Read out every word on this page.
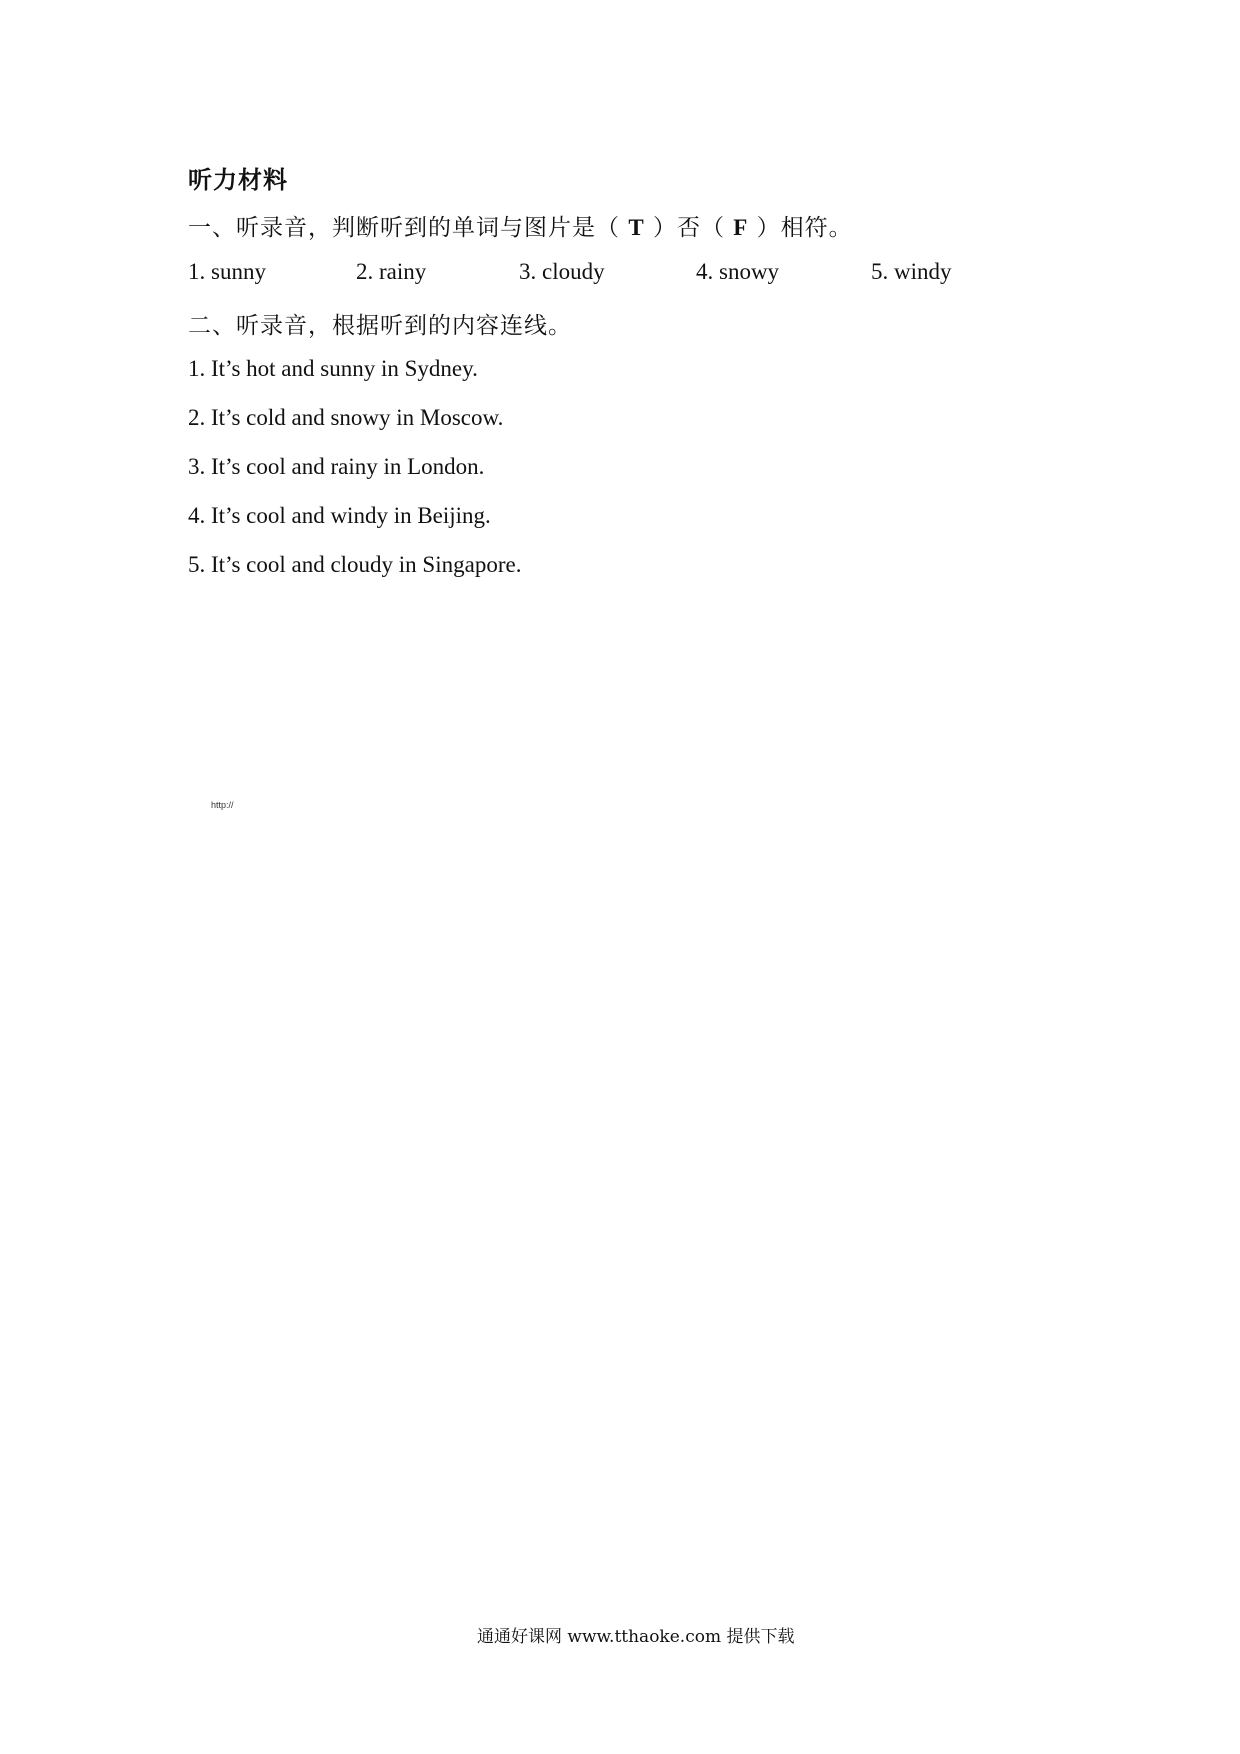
听力材料
一、听录音，判断听到的单词与图片是（ T ）否（ F ）相符。
1. sunny	2. rainy	3. cloudy	4. snowy	5. windy
二、听录音，根据听到的内容连线。
1. It’s hot and sunny in Sydney.
2. It’s cold and snowy in Moscow.
3. It’s cool and rainy in London.
4. It’s cool and windy in Beijing.
5. It’s cool and cloudy in Singapore.
http://
通通好课网 www.tthaoke.com 提供下载
